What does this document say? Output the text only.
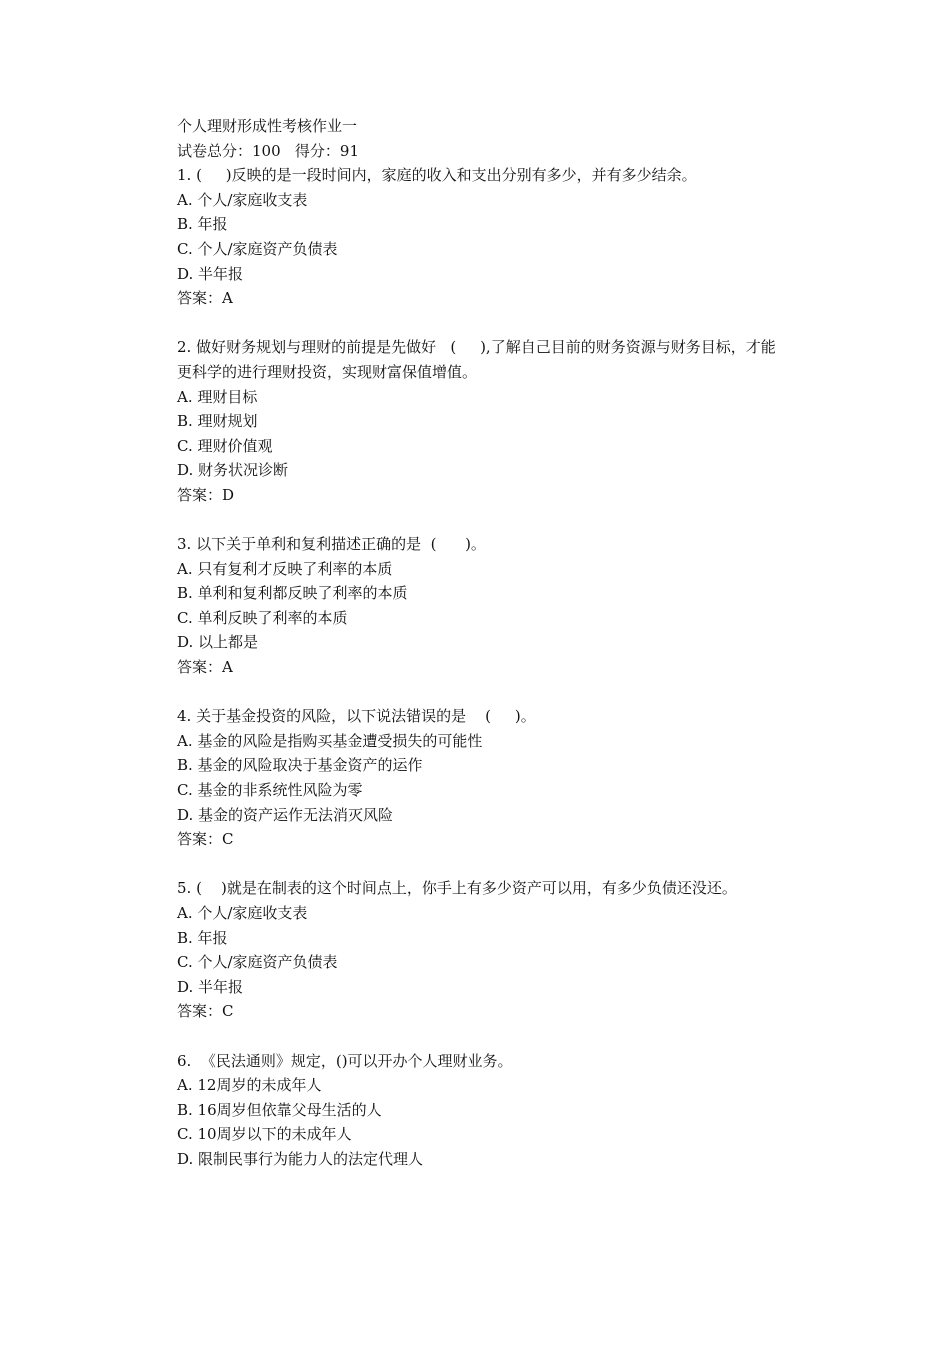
个人理财形成性考核作业一

试卷总分：100   得分：91

1. (     )反映的是一段时间内，家庭的收入和支出分别有多少，并有多少结余。

A. 个人/家庭收支表

B. 年报

C. 个人/家庭资产负债表

D. 半年报

答案：A

2. 做好财务规划与理财的前提是先做好   (     ),了解自己目前的财务资源与财务目标，才能更科学的进行理财投资，实现财富保值增值。

A. 理财目标

B. 理财规划

C. 理财价值观

D. 财务状况诊断

答案：D

3. 以下关于单利和复利描述正确的是  (      )。

A. 只有复利才反映了利率的本质

B. 单利和复利都反映了利率的本质

C. 单利反映了利率的本质

D. 以上都是

答案：A

4. 关于基金投资的风险，以下说法错误的是    (     )。

A. 基金的风险是指购买基金遭受损失的可能性

B. 基金的风险取决于基金资产的运作

C. 基金的非系统性风险为零

D. 基金的资产运作无法消灭风险

答案：C

5. (    )就是在制表的这个时间点上，你手上有多少资产可以用，有多少负债还没还。

A. 个人/家庭收支表

B. 年报

C. 个人/家庭资产负债表

D. 半年报

答案：C

6.  《民法通则》规定，()可以开办个人理财业务。

A. 12周岁的未成年人

B. 16周岁但依靠父母生活的人

C. 10周岁以下的未成年人

D. 限制民事行为能力人的法定代理人
